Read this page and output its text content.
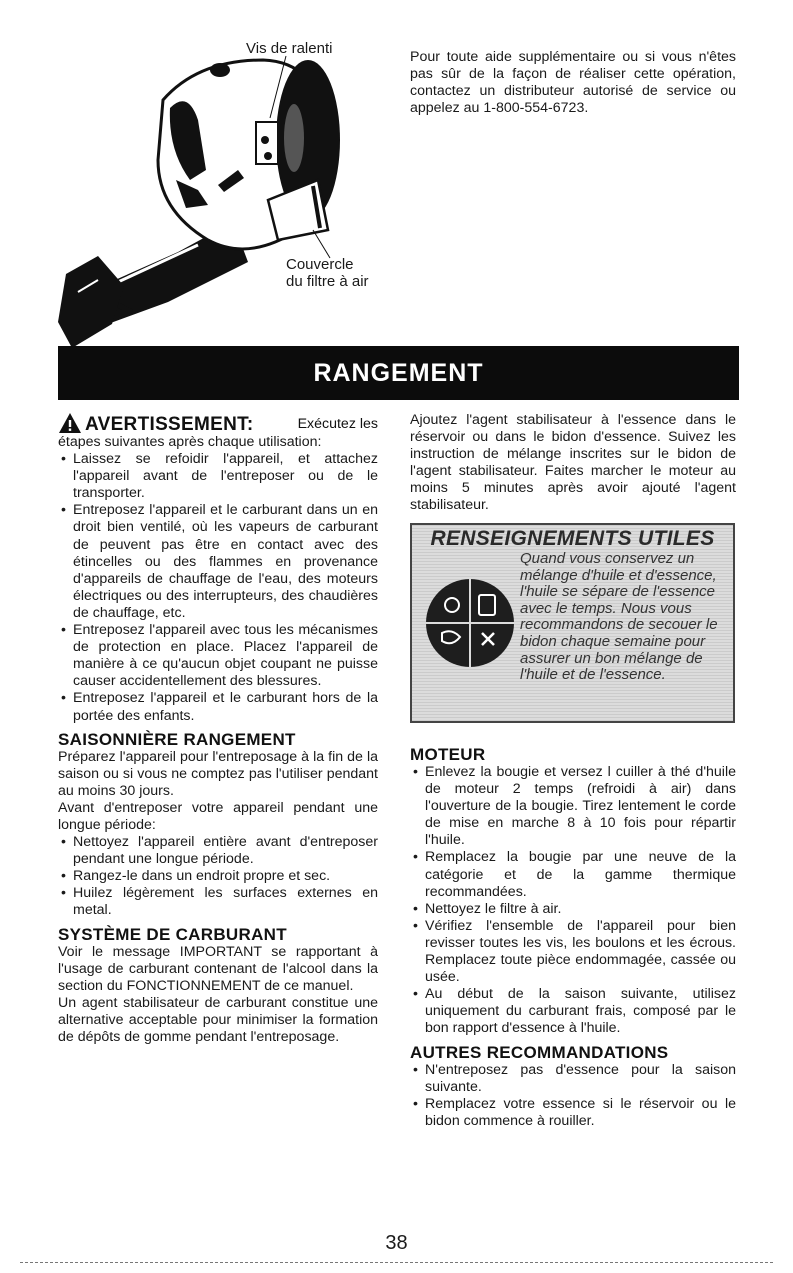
Vis de ralenti
Couvercle
du filtre à air
Pour toute aide supplémentaire ou si vous n'êtes pas sûr de la façon de réaliser cette opération, contactez un distributeur autorisé de service ou appelez au 1-800-554-6723.
RANGEMENT
AVERTISSEMENT:	Exécutez les

étapes suivantes après chaque utilisation:

• Laissez se refoidir l'appareil, et attachez l'appareil avant de l'entreposer ou de le transporter.
• Entreposez l'appareil et le carburant dans un en droit bien ventilé, où les vapeurs de carburant de peuvent pas être en contact avec des étincelles ou des flammes en provenance d'appareils de chauffage de l'eau, des moteurs électriques ou des interrupteurs, des chaudières de chauffage, etc.
• Entreposez l'appareil avec tous les mécanismes de protection en place. Placez l'appareil de manière à ce qu'aucun objet coupant ne puisse causer accidentellement des blessures.
• Entreposez l'appareil et le carburant hors de la portée des enfants.
SAISONNIÈRE RANGEMENT

Préparez l'appareil pour l'entreposage à la fin de la saison ou si vous ne comptez pas l'utiliser pendant au moins 30 jours.

Avant d'entreposer votre appareil pendant une longue période:

• Nettoyez l'appareil entière avant d'entreposer pendant une longue période.
• Rangez-le dans un endroit propre et sec.
• Huilez légèrement les surfaces externes en metal.
SYSTÈME DE CARBURANT

Voir le message IMPORTANT se rapportant à l'usage de carburant contenant de l'alcool dans la section du FONCTIONNEMENT de ce manuel.

Un agent stabilisateur de carburant constitue une alternative acceptable pour minimiser la formation de dépôts de gomme pendant l'entreposage.

Ajoutez l'agent stabilisateur à l'essence dans le réservoir ou dans le bidon d'essence. Suivez les instruction de mélange inscrites sur le bidon de l'agent stabilisateur. Faites marcher le moteur au moins 5 minutes après avoir ajouté l'agent stabilisateur.
RENSEIGNEMENTS UTILES
Quand vous conservez un mélange d'huile et d'essence, l'huile se sépare de l'essence avec le temps. Nous vous recommandons de secouer le bidon chaque semaine pour assurer un bon mélange de l'huile et de l'essence.
MOTEUR
• Enlevez la bougie et versez l cuiller à thé d'huile de moteur 2 temps (refroidi à air) dans l'ouverture de la bougie. Tirez lentement le corde de mise en marche 8 à 10 fois pour répartir l'huile.
• Remplacez la bougie par une neuve de la catégorie et de la gamme thermique recommandées.
• Nettoyez le filtre à air.
• Vérifiez l'ensemble de l'appareil pour bien revisser toutes les vis, les boulons et les écrous. Remplacez toute pièce endommagée, cassée ou usée.
• Au début de la saison suivante, utilisez uniquement du carburant frais, composé par le bon rapport d'essence à l'huile.
AUTRES RECOMMANDATIONS
• N'entreposez pas d'essence pour la saison suivante.
• Remplacez votre essence si le réservoir ou le bidon commence à rouiller.
38
